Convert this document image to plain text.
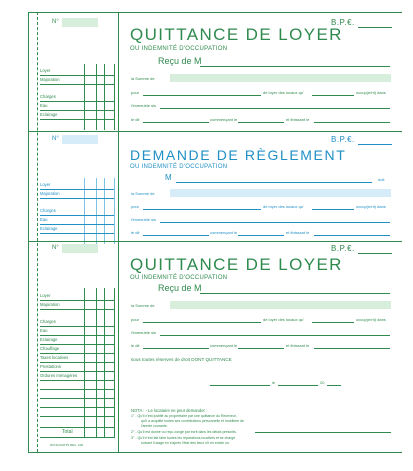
N°	B.P.€.
QUITTANCE DE LOYER
OU INDEMNITÉ D'OCCUPATION
Reçu de M
Loyer
Majoration
Charges
Eau
Eclairage
la Somme de
pour	de loyer des locaux qu'	occup(e/nt) dans
l'immeuble sis
le dit	commençant le	et finissant le
N°	B.P.€.
DEMANDE DE RÈGLEMENT
OU INDEMNITÉ D'OCCUPATION
M	doit
Loyer
Majoration
Charges
Eau
Eclairage
la Somme de
pour	de loyer des locaux qu'	occup(e/nt) dans
l'immeuble sis
le dit	commençant le	et finissant le
N°	B.P.€.
QUITTANCE DE LOYER
OU INDEMNITÉ D'OCCUPATION
Reçu de M
Loyer
Majoration
Charges
Eau
Eclairage
Chauffage
Taxes locatives
Prestations
Ordures ménagères
Total
la Somme de
pour	de loyer des locaux qu'	occup(e/nt) dans
l'immeuble sis
le dit	commençant le	et finissant le
sous toutes réserves de droit DONT QUITTANCE
le	20
NOTA : - Le locataire ne peut demander :
1° - Qu'il n'est justifié au propriétaire par une quittance du Receveur,
qu'il a acquitté toutes ses contributions personnelle et mobilière de
l'année courante.
2° - Qu'il est donné ou reçu congé par écrit dans les délais prescrits.
3° - Qu'il n'est fait faire toutes les réparations locatives et se charge
suivant l'usage en s'après l'état des lieux s'il en existe un.
DUNCOURTS REC. 108
